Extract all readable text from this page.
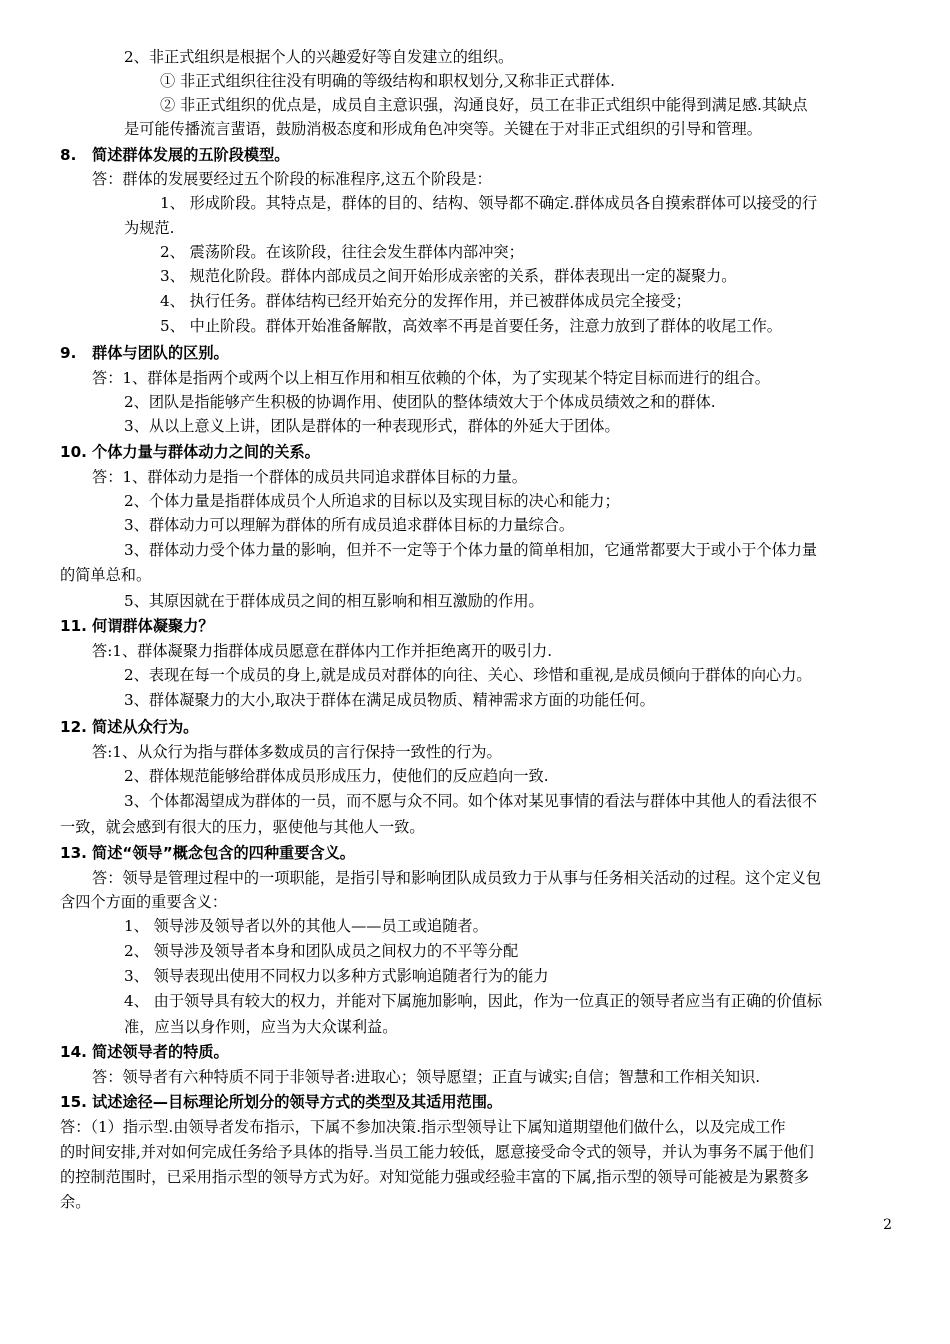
2、非正式组织是根据个人的兴趣爱好等自发建立的组织。
① 非正式组织往往没有明确的等级结构和职权划分,又称非正式群体.
② 非正式组织的优点是，成员自主意识强，沟通良好，员工在非正式组织中能得到满足感.其缺点
是可能传播流言蜚语，鼓励消极态度和形成角色冲突等。关键在于对非正式组织的引导和管理。
答：群体的发展要经过五个阶段的标准程序,这五个阶段是：
1、 形成阶段。其特点是，群体的目的、结构、领导都不确定.群体成员各自摸索群体可以接受的行
为规范.
2、 震荡阶段。在该阶段，往往会发生群体内部冲突；
3、 规范化阶段。群体内部成员之间开始形成亲密的关系，群体表现出一定的凝聚力。
4、 执行任务。群体结构已经开始充分的发挥作用，并已被群体成员完全接受；
5、 中止阶段。群体开始准备解散，高效率不再是首要任务，注意力放到了群体的收尾工作。
答：1、群体是指两个或两个以上相互作用和相互依赖的个体，为了实现某个特定目标而进行的组合。
2、团队是指能够产生积极的协调作用、使团队的整体绩效大于个体成员绩效之和的群体.
3、从以上意义上讲，团队是群体的一种表现形式，群体的外延大于团体。
答：1、群体动力是指一个群体的成员共同追求群体目标的力量。
2、个体力量是指群体成员个人所追求的目标以及实现目标的决心和能力；
3、群体动力可以理解为群体的所有成员追求群体目标的力量综合。
3、群体动力受个体力量的影响，但并不一定等于个体力量的简单相加，它通常都要大于或小于个体力量
的简单总和。
5、其原因就在于群体成员之间的相互影响和相互激励的作用。
答:1、群体凝聚力指群体成员愿意在群体内工作并拒绝离开的吸引力.
2、表现在每一个成员的身上,就是成员对群体的向往、关心、珍惜和重视,是成员倾向于群体的向心力。
3、群体凝聚力的大小,取决于群体在满足成员物质、精神需求方面的功能任何。
答:1、从众行为指与群体多数成员的言行保持一致性的行为。
2、群体规范能够给群体成员形成压力，使他们的反应趋向一致.
3、个体都渴望成为群体的一员，而不愿与众不同。如个体对某见事情的看法与群体中其他人的看法很不
一致，就会感到有很大的压力，驱使他与其他人一致。
答：领导是管理过程中的一项职能，是指引导和影响团队成员致力于从事与任务相关活动的过程。这个定义包
含四个方面的重要含义：
1、 领导涉及领导者以外的其他人——员工或追随者。
2、 领导涉及领导者本身和团队成员之间权力的不平等分配
3、 领导表现出使用不同权力以多种方式影响追随者行为的能力
4、 由于领导具有较大的权力，并能对下属施加影响，因此，作为一位真正的领导者应当有正确的价值标
准，应当以身作则，应当为大众谋利益。
答：领导者有六种特质不同于非领导者:进取心；领导愿望；正直与诚实;自信；智慧和工作相关知识.
答：（1）指示型.由领导者发布指示，下属不参加决策.指示型领导让下属知道期望他们做什么，以及完成工作
的时间安排,并对如何完成任务给予具体的指导.当员工能力较低，愿意接受命令式的领导，并认为事务不属于他们
的控制范围时，已采用指示型的领导方式为好。对知觉能力强或经验丰富的下属,指示型的领导可能被是为累赘多
余。
8. 简述群体发展的五阶段模型。
9. 群体与团队的区别。
10. 个体力量与群体动力之间的关系。
11. 何谓群体凝聚力？
12. 简述从众行为。
13. 简述“领导”概念包含的四种重要含义。
14. 简述领导者的特质。
15. 试述途径—目标理论所划分的领导方式的类型及其适用范围。
2
